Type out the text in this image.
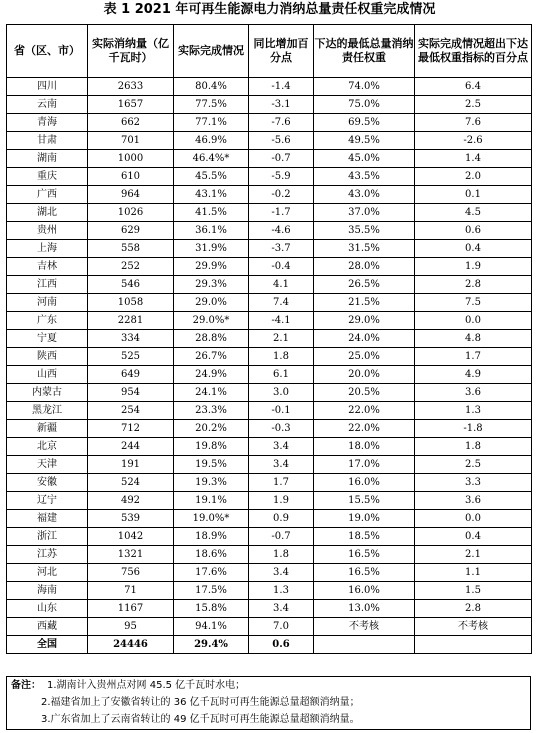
表 1 2021 年可再生能源电力消纳总量责任权重完成情况
省（区、市）	实际消纳量（亿千瓦时）	实际完成情况	同比增加百分点	下达的最低总量消纳责任权重	实际完成情况超出下达最低权重指标的百分点
四川	2633	80.4%	-1.4	74.0%	6.4
云南	1657	77.5%	-3.1	75.0%	2.5
青海	662	77.1%	-7.6	69.5%	7.6
甘肃	701	46.9%	-5.6	49.5%	-2.6
湖南	1000	46.4%*	-0.7	45.0%	1.4
重庆	610	45.5%	-5.9	43.5%	2.0
广西	964	43.1%	-0.2	43.0%	0.1
湖北	1026	41.5%	-1.7	37.0%	4.5
贵州	629	36.1%	-4.6	35.5%	0.6
上海	558	31.9%	-3.7	31.5%	0.4
吉林	252	29.9%	-0.4	28.0%	1.9
江西	546	29.3%	4.1	26.5%	2.8
河南	1058	29.0%	7.4	21.5%	7.5
广东	2281	29.0%*	-4.1	29.0%	0.0
宁夏	334	28.8%	2.1	24.0%	4.8
陕西	525	26.7%	1.8	25.0%	1.7
山西	649	24.9%	6.1	20.0%	4.9
内蒙古	954	24.1%	3.0	20.5%	3.6
黑龙江	254	23.3%	-0.1	22.0%	1.3
新疆	712	20.2%	-0.3	22.0%	-1.8
北京	244	19.8%	3.4	18.0%	1.8
天津	191	19.5%	3.4	17.0%	2.5
安徽	524	19.3%	1.7	16.0%	3.3
辽宁	492	19.1%	1.9	15.5%	3.6
福建	539	19.0%*	0.9	19.0%	0.0
浙江	1042	18.9%	-0.7	18.5%	0.4
江苏	1321	18.6%	1.8	16.5%	2.1
河北	756	17.6%	3.4	16.5%	1.1
海南	71	17.5%	1.3	16.0%	1.5
山东	1167	15.8%	3.4	13.0%	2.8
西藏	95	94.1%	7.0	不考核	不考核
全国	24446	29.4%	0.6		
备注： 1.湖南计入贵州点对网 45.5 亿千瓦时水电；
2.福建省加上了安徽省转让的 36 亿千瓦时可再生能源总量超额消纳量；
3.广东省加上了云南省转让的 49 亿千瓦时可再生能源总量超额消纳量。
